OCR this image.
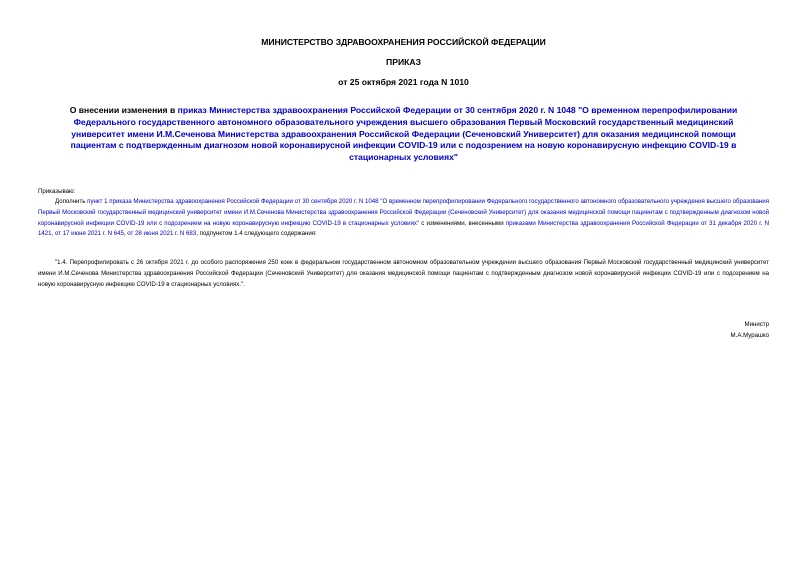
МИНИСТЕРСТВО ЗДРАВООХРАНЕНИЯ РОССИЙСКОЙ ФЕДЕРАЦИИ
ПРИКАЗ
от 25 октября 2021 года N 1010
О внесении изменения в приказ Министерства здравоохранения Российской Федерации от 30 сентября 2020 г. N 1048 "О временном перепрофилировании Федерального государственного автономного образовательного учреждения высшего образования Первый Московский государственный медицинский университет имени И.М.Сеченова Министерства здравоохранения Российской Федерации (Сеченовский Университет) для оказания медицинской помощи пациентам с подтвержденным диагнозом новой коронавирусной инфекции COVID-19 или с подозрением на новую коронавирусную инфекцию COVID-19 в стационарных условиях"
Приказываю:
Дополнить пункт 1 приказа Министерства здравоохранения Российской Федерации от 30 сентября 2020 г. N 1048 "О временном перепрофилировании Федерального государственного автономного образовательного учреждения высшего образования Первый Московский государственный медицинский университет имени И.М.Сеченова Министерства здравоохранения Российской Федерации (Сеченовский Университет) для оказания медицинской помощи пациентам с подтвержденным диагнозом новой коронавирусной инфекции COVID-19 или с подозрением на новую коронавирусную инфекцию COVID-19 в стационарных условиях" с изменениями, внесенными приказами Министерства здравоохранения Российской Федерации от 31 декабря 2020 г. N 1421, от 17 июня 2021 г. N 645, от 28 июня 2021 г. N 683, подпунктом 1.4 следующего содержания:
"1.4. Перепрофилировать с 26 октября 2021 г. до особого распоряжения 250 коек в федеральном государственном автономном образовательном учреждении высшего образования Первый Московский государственный медицинский университет имени И.М.Сеченова Министерства здравоохранения Российской Федерации (Сеченовский Университет) для оказания медицинской помощи пациентам с подтвержденным диагнозом новой коронавирусной инфекции COVID-19 или с подозрением на новую коронавирусную инфекцию COVID-19 в стационарных условиях.".
Министр
М.А.Мурашко
